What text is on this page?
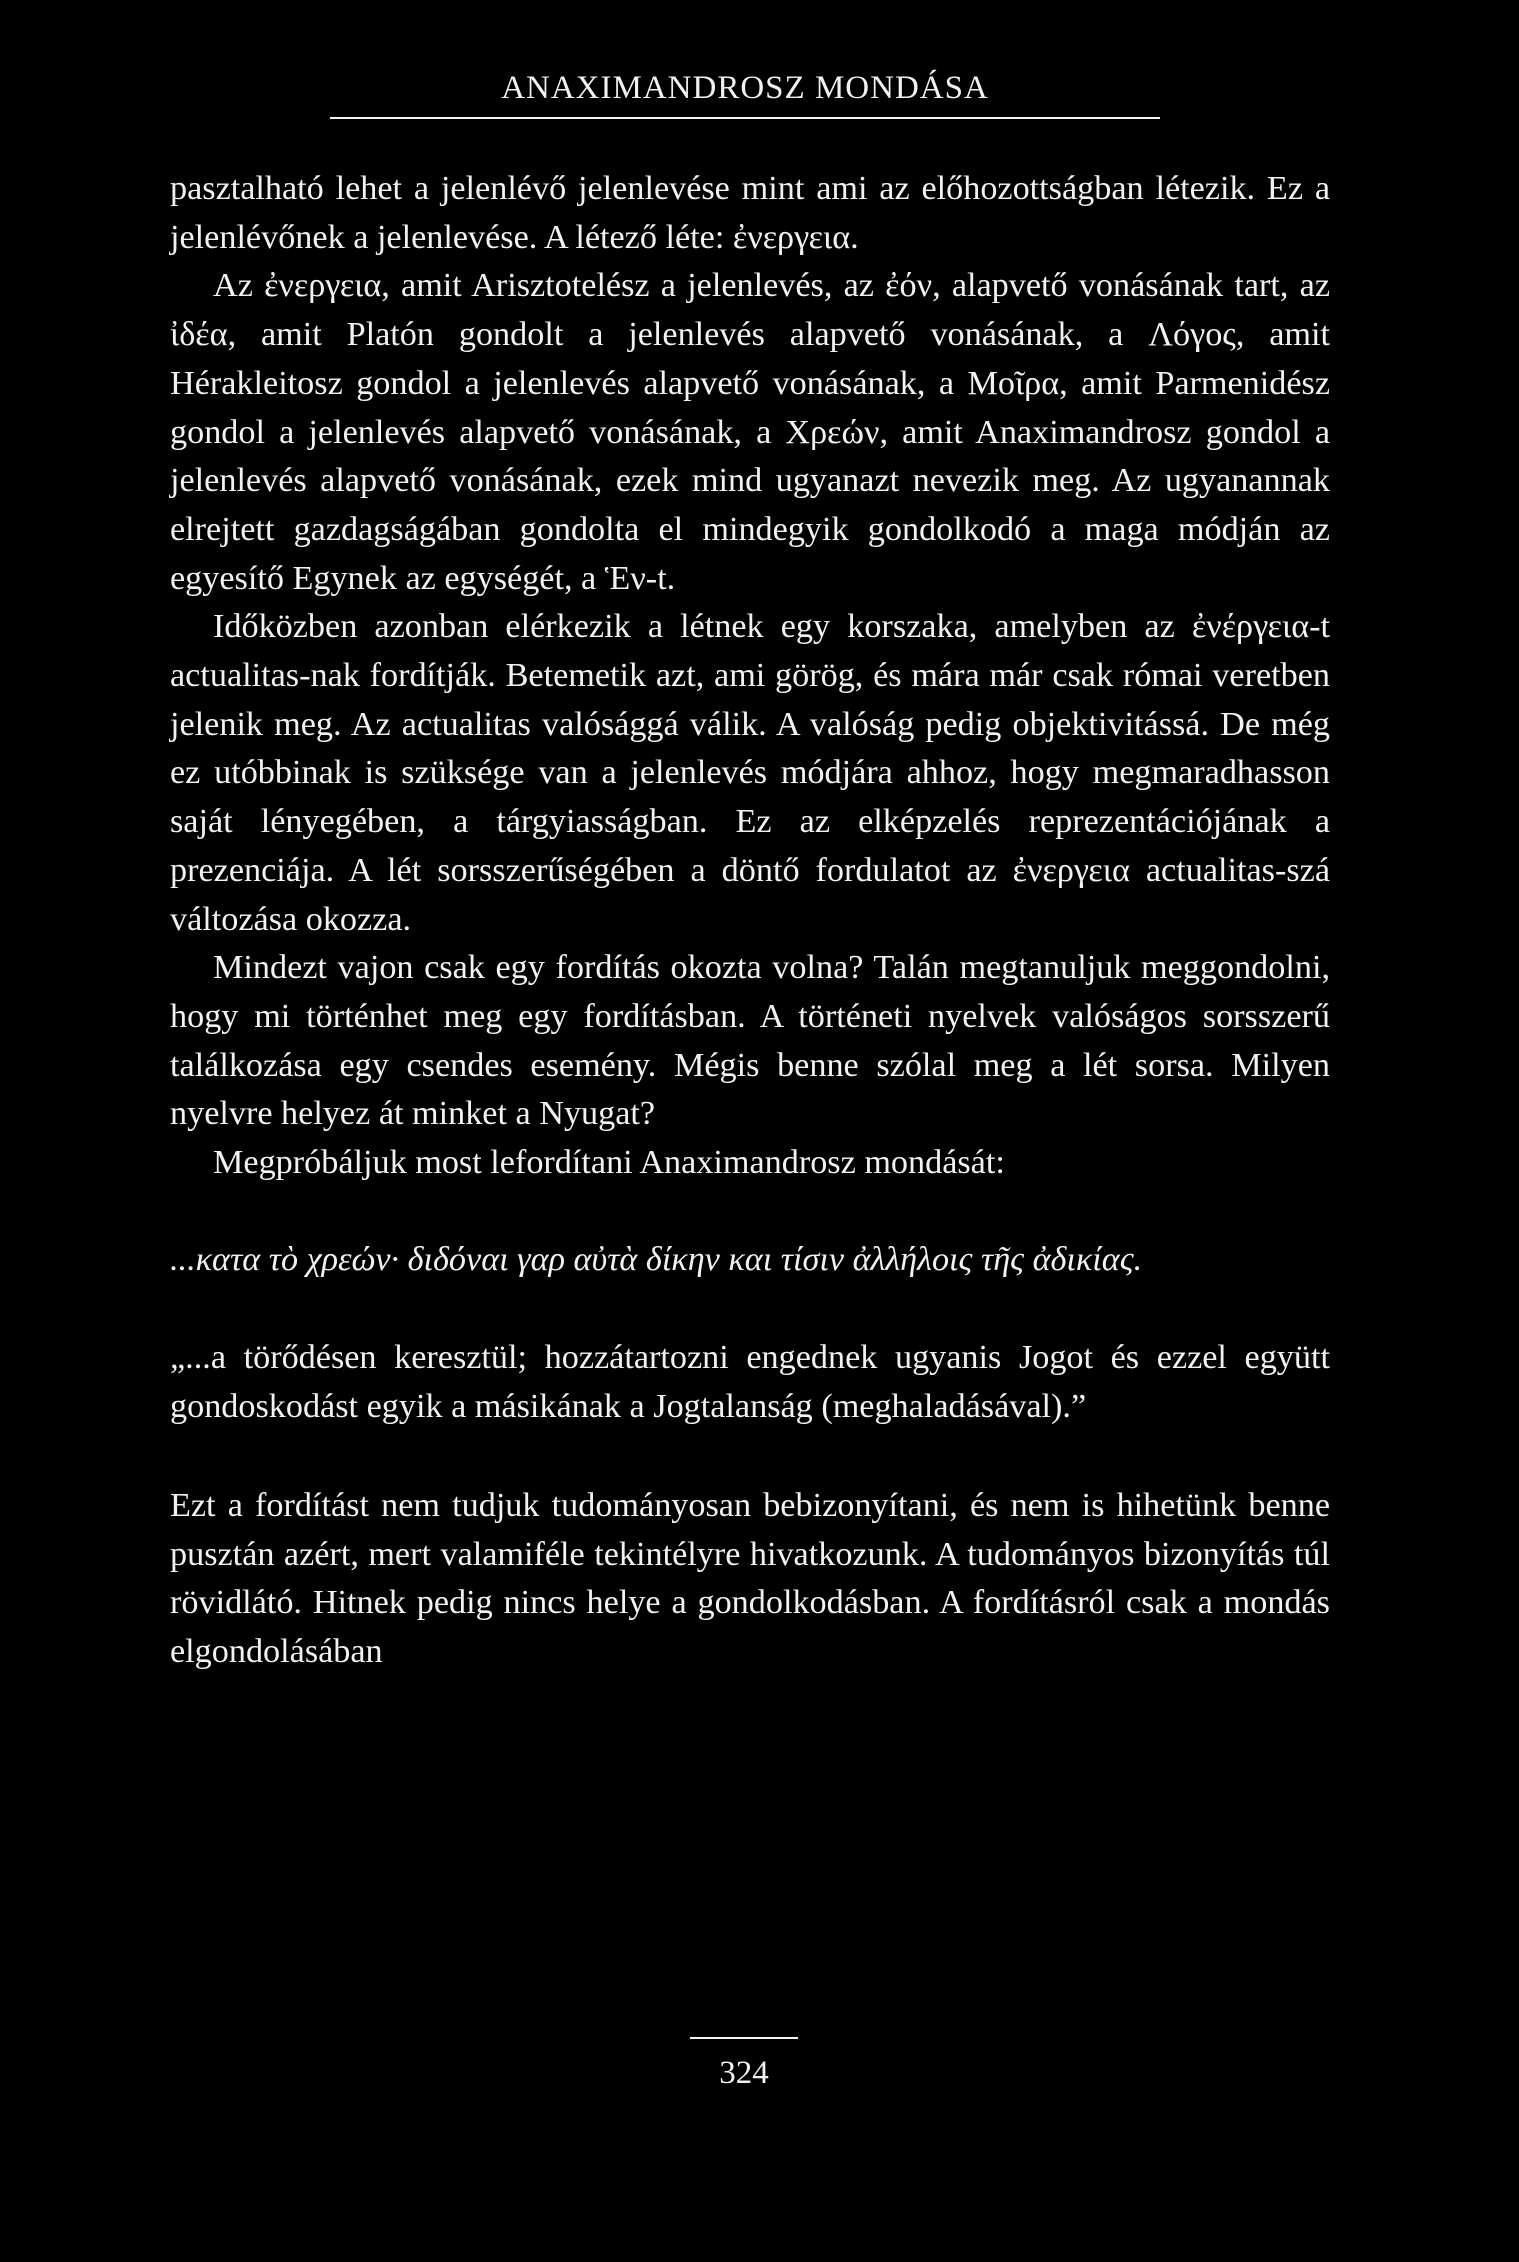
ANAXIMANDROSZ MONDÁSA

pasztalható lehet a jelenlévő jelenlevése mint ami az előhozottságban létezik. Ez a jelenlévőnek a jelenlevése. A létező léte: ἐνεργεια.

Az ἐνεργεια, amit Arisztotelész a jelenlevés, az ἐόν, alapvető vonásának tart, az ἰδέα, amit Platón gondolt a jelenlevés alapvető vonásának, a Λόγος, amit Hérakleitosz gondol a jelenlevés alapvető vonásának, a Μοῖρα, amit Parmenidész gondol a jelenlevés alapvető vonásának, a Χρεών, amit Anaximandrosz gondol a jelenlevés alapvető vonásának, ezek mind ugyanazt nevezik meg. Az ugyanannak elrejtett gazdagságában gondolta el mindegyik gondolkodó a maga módján az egyesítő Egynek az egységét, a Ἑν-t.

Időközben azonban elérkezik a létnek egy korszaka, amelyben az ἐνέργεια-t actualitas-nak fordítják. Betemetik azt, ami görög, és mára már csak római veretben jelenik meg. Az actualitas valósággá válik. A valóság pedig objektivitássá. De még ez utóbbinak is szüksége van a jelenlevés módjára ahhoz, hogy megmaradhasson saját lényegében, a tárgyiasságban. Ez az elképzelés reprezentációjának a prezenciája. A lét sorsszerűségében a döntő fordulatot az ἐνεργεια actualitas-szá változása okozza.

Mindezt vajon csak egy fordítás okozta volna? Talán megtanuljuk meggondolni, hogy mi történhet meg egy fordításban. A történeti nyelvek valóságos sorsszerű találkozása egy csendes esemény. Mégis benne szólal meg a lét sorsa. Milyen nyelvre helyez át minket a Nyugat?

Megpróbáljuk most lefordítani Anaximandrosz mondását:

...κατα τὸ χρεών· διδόναι γαρ αὐτὰ δίκην και τίσιν ἀλλήλοις τῆς ἀδικίας.

„...a törődésen keresztül; hozzátartozni engednek ugyanis Jogot és ezzel együtt gondoskodást egyik a másikának a Jogtalanság (meghaladásával).”

Ezt a fordítást nem tudjuk tudományosan bebizonyítani, és nem is hihetünk benne pusztán azért, mert valamiféle tekintélyre hivatkozunk. A tudományos bizonyítás túl rövidlátó. Hitnek pedig nincs helye a gondolkodásban. A fordításról csak a mondás elgondolásában

324
